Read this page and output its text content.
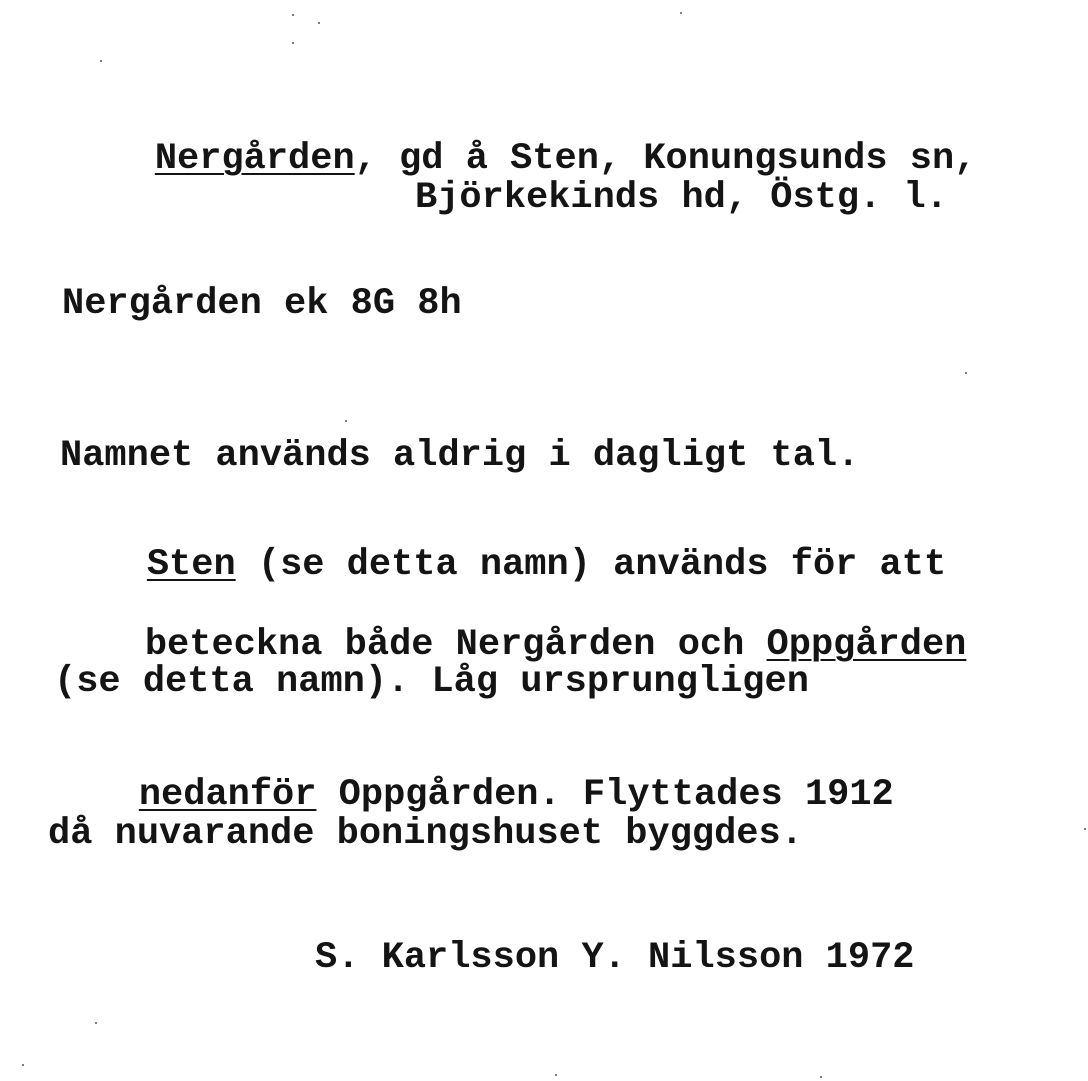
Nergården, gd å Sten, Konungsunds sn,

Björkekinds hd, Östg. l.
Nergården ek 8G 8h
Namnet används aldrig i dagligt tal.

Sten (se detta namn) används för att

beteckna både Nergården och Oppgården

(se detta namn). Låg ursprungligen

nedanför Oppgården. Flyttades 1912

då nuvarande boningshuset byggdes.
S. Karlsson Y. Nilsson 1972
